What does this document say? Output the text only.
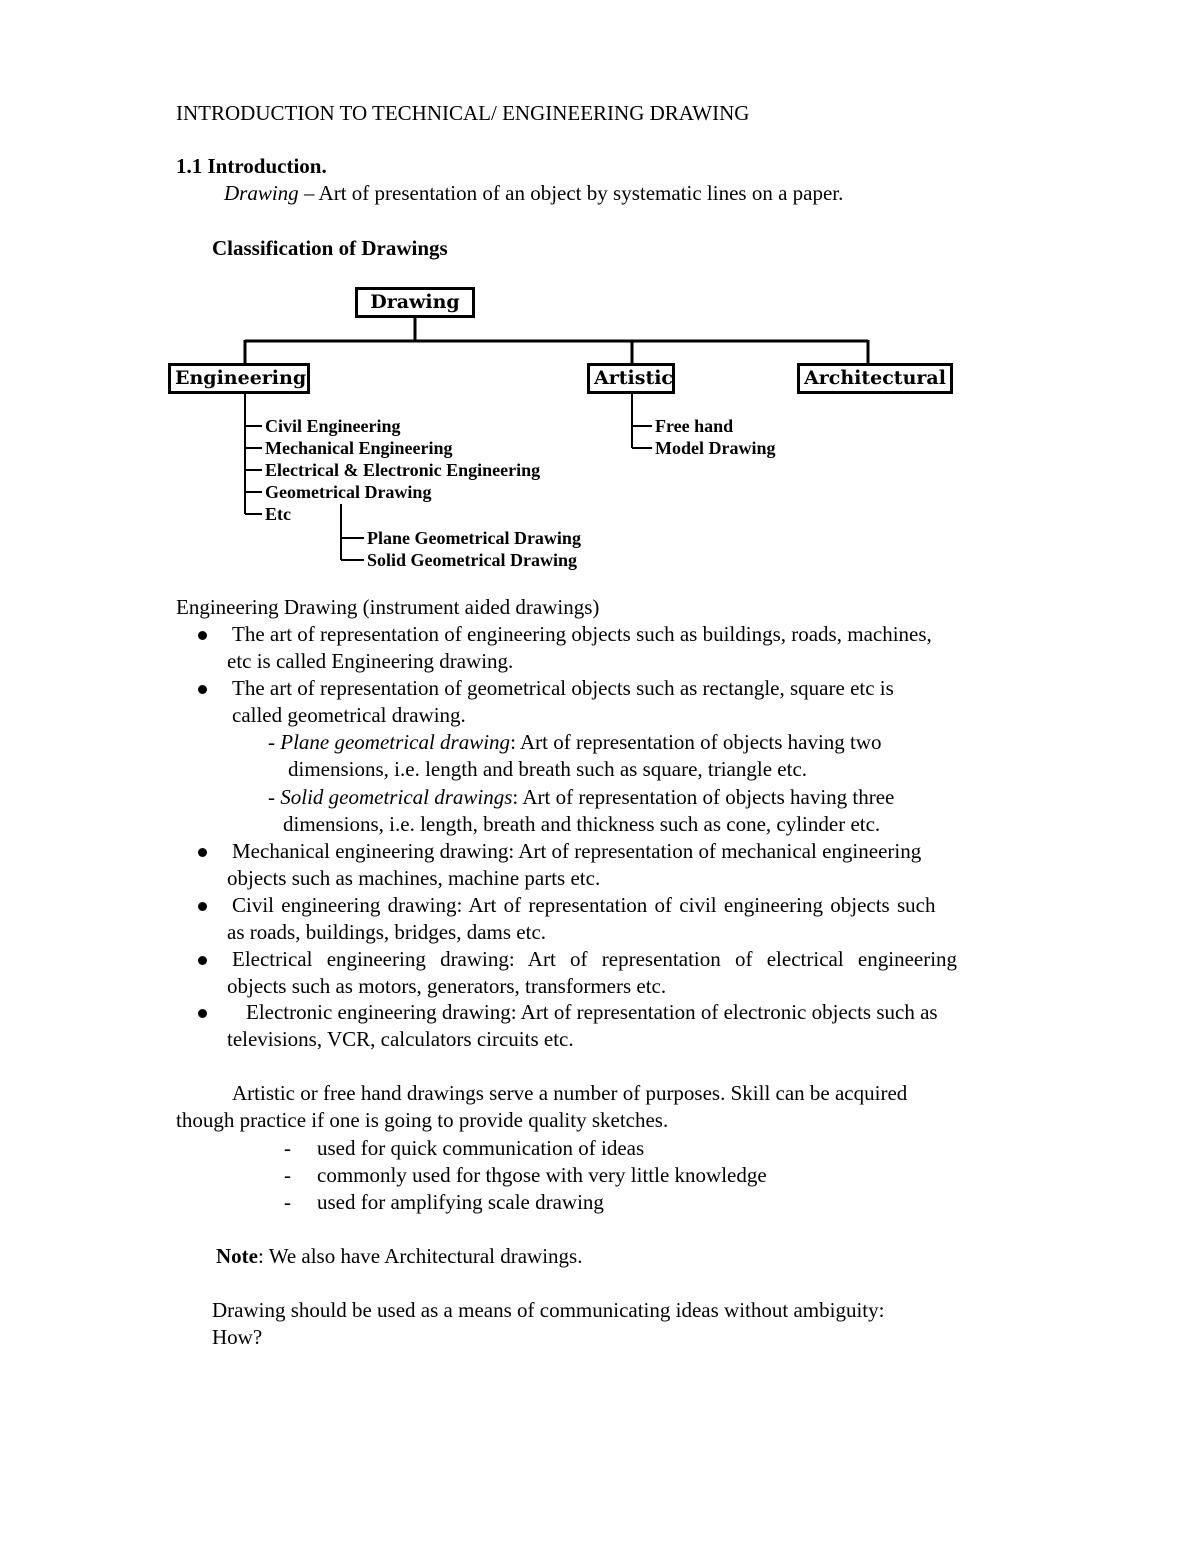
INTRODUCTION TO TECHNICAL/ ENGINEERING DRAWING
1.1 Introduction.
Drawing – Art of presentation of an object by systematic lines on a paper.
Classification of Drawings
Drawing
Engineering	Artistic	Architectural
Civil Engineering
Mechanical Engineering
Electrical & Electronic Engineering
Geometrical Drawing
Etc
Plane Geometrical Drawing
Solid Geometrical Drawing
Free hand
Model Drawing
Engineering Drawing (instrument aided drawings)
The art of representation of engineering objects such as buildings, roads, machines,
etc is called Engineering drawing.
The art of representation of geometrical objects such as rectangle, square etc is
called geometrical drawing.
- Plane geometrical drawing: Art of representation of objects having two
dimensions, i.e. length and breath such as square, triangle etc.
- Solid geometrical drawings: Art of representation of objects having three
dimensions, i.e. length, breath and thickness such as cone, cylinder etc.
Mechanical engineering drawing: Art of representation of mechanical engineering
objects such as machines, machine parts etc.
Civil engineering drawing: Art of representation of civil engineering objects such
as roads, buildings, bridges, dams etc.
Electrical engineering drawing: Art of representation of electrical engineering
objects such as motors, generators, transformers etc.
Electronic engineering drawing: Art of representation of electronic objects such as
televisions, VCR, calculators circuits etc.
Artistic or free hand drawings serve a number of purposes. Skill can be acquired
though practice if one is going to provide quality sketches.
- used for quick communication of ideas
- commonly used for thgose with very little knowledge
- used for amplifying scale drawing
Note: We also have Architectural drawings.
Drawing should be used as a means of communicating ideas without ambiguity:
How?
